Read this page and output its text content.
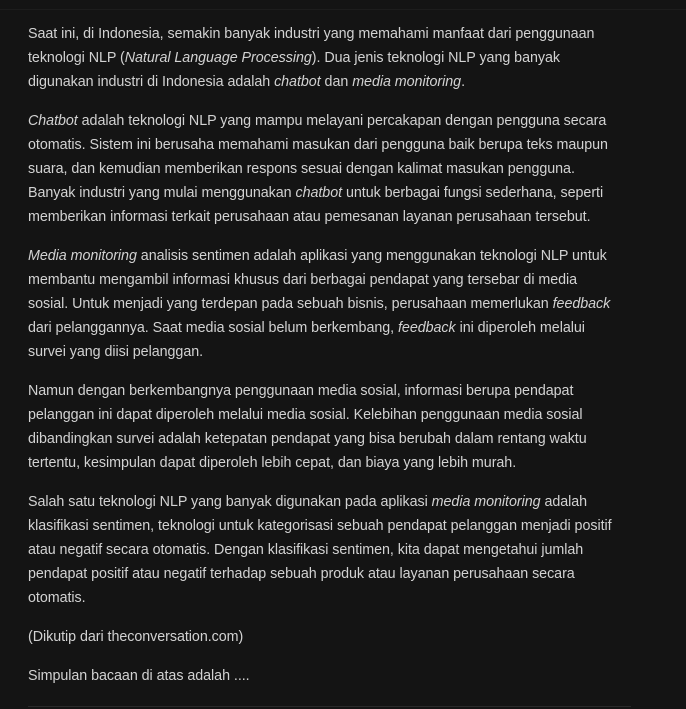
Saat ini, di Indonesia, semakin banyak industri yang memahami manfaat dari penggunaan
teknologi NLP (Natural Language Processing). Dua jenis teknologi NLP yang banyak
digunakan industri di Indonesia adalah chatbot dan media monitoring.

Chatbot adalah teknologi NLP yang mampu melayani percakapan dengan pengguna secara
otomatis. Sistem ini berusaha memahami masukan dari pengguna baik berupa teks maupun
suara, dan kemudian memberikan respons sesuai dengan kalimat masukan pengguna.
Banyak industri yang mulai menggunakan chatbot untuk berbagai fungsi sederhana, seperti
memberikan informasi terkait perusahaan atau pemesanan layanan perusahaan tersebut.

Media monitoring analisis sentimen adalah aplikasi yang menggunakan teknologi NLP untuk
membantu mengambil informasi khusus dari berbagai pendapat yang tersebar di media
sosial. Untuk menjadi yang terdepan pada sebuah bisnis, perusahaan memerlukan feedback
dari pelanggannya. Saat media sosial belum berkembang, feedback ini diperoleh melalui
survei yang diisi pelanggan.

Namun dengan berkembangnya penggunaan media sosial, informasi berupa pendapat
pelanggan ini dapat diperoleh melalui media sosial. Kelebihan penggunaan media sosial
dibandingkan survei adalah ketepatan pendapat yang bisa berubah dalam rentang waktu
tertentu, kesimpulan dapat diperoleh lebih cepat, dan biaya yang lebih murah.

Salah satu teknologi NLP yang banyak digunakan pada aplikasi media monitoring adalah
klasifikasi sentimen, teknologi untuk kategorisasi sebuah pendapat pelanggan menjadi positif
atau negatif secara otomatis. Dengan klasifikasi sentimen, kita dapat mengetahui jumlah
pendapat positif atau negatif terhadap sebuah produk atau layanan perusahaan secara
otomatis.

(Dikutip dari theconversation.com)

Simpulan bacaan di atas adalah ....
